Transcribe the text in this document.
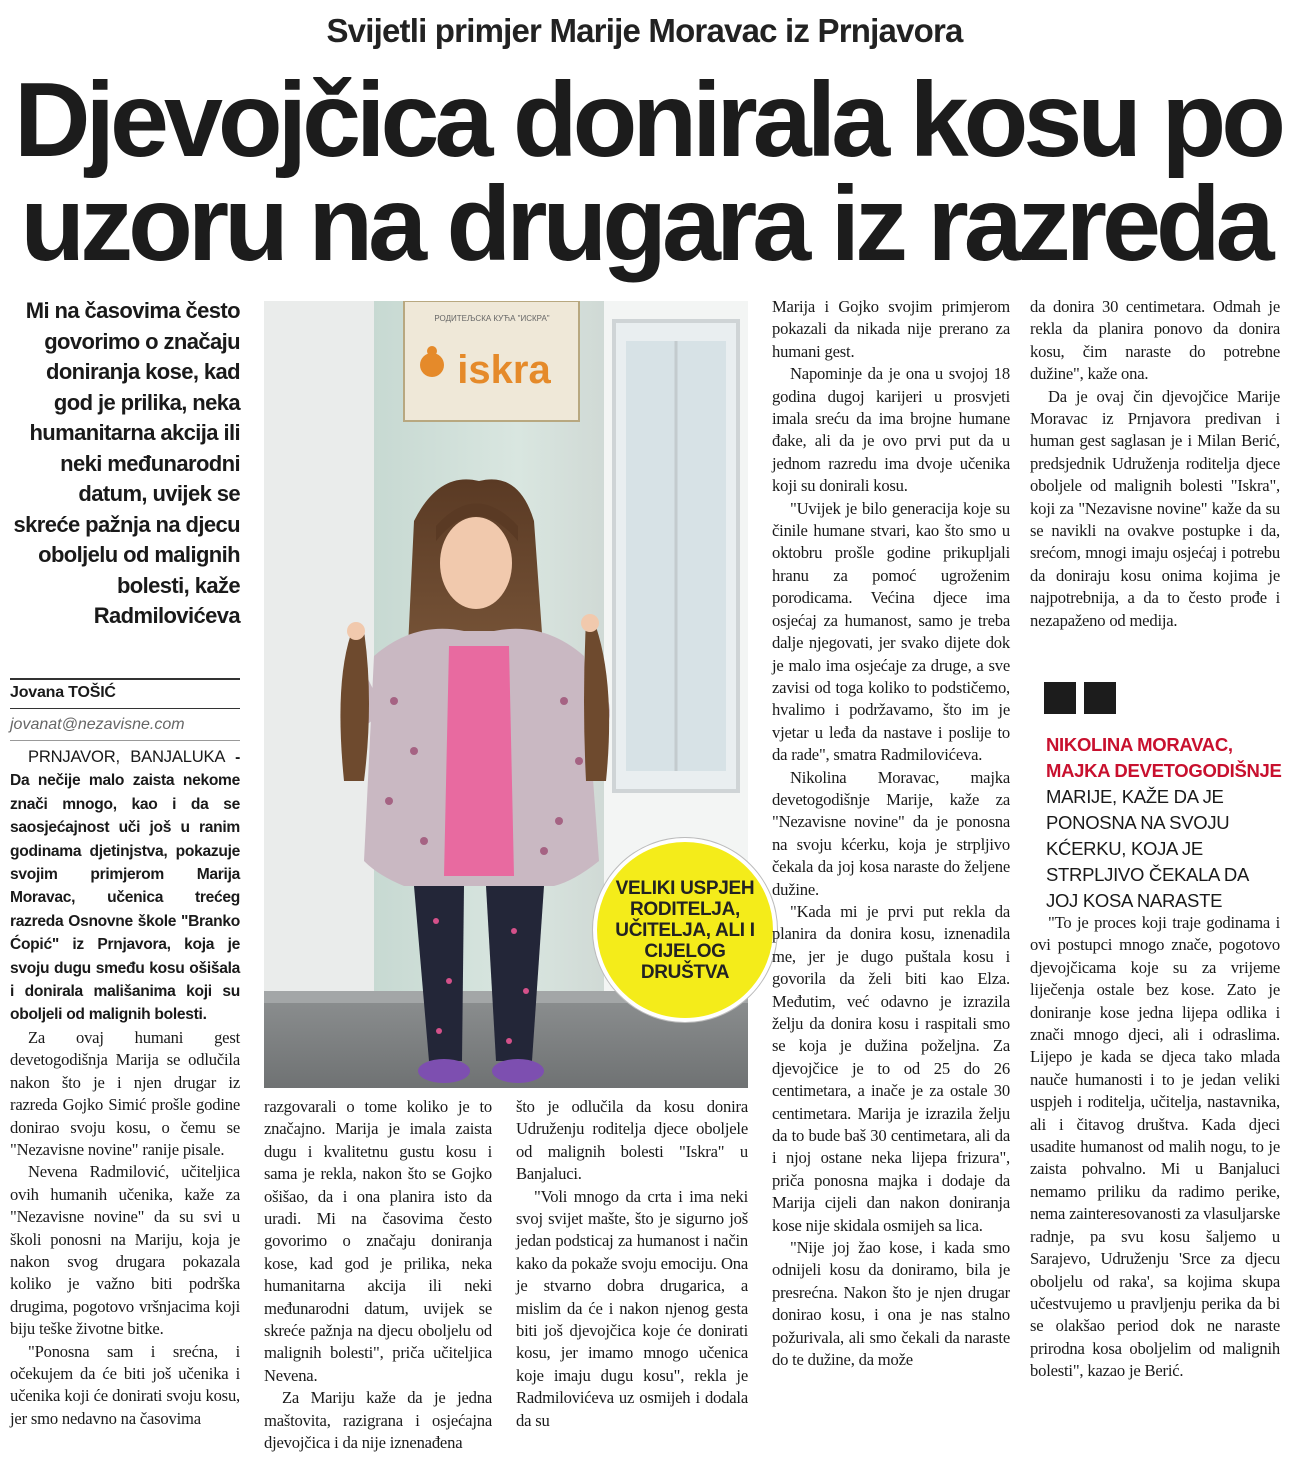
Svijetli primjer Marije Moravac iz Prnjavora
Djevojčica donirala kosu po
uzoru na drugara iz razreda
Mi na časovima često govorimo o značaju doniranja kose, kad god je prilika, neka humanitarna akcija ili neki međunarodni datum, uvijek se skreće pažnja na djecu oboljelu od malignih bolesti, kaže Radmilovićeva
Jovana TOŠIĆ
jovanat@nezavisne.com

PRNJAVOR, BANJALUKA - Da nečije malo zaista nekome znači mnogo, kao i da se saosjećajnost uči još u ranim godinama djetinjstva, pokazuje svojim primjerom Marija Moravac, učenica trećeg razreda Osnovne škole "Branko Ćopić" iz Prnjavora, koja je svoju dugu smeđu kosu ošišala i donirala mališanima koji su oboljeli od malignih bolesti.

Za ovaj humani gest devetogodišnja Marija se odlučila nakon što je i njen drugar iz razreda Gojko Simić prošle godine donirao svoju kosu, o čemu se "Nezavisne novine" ranije pisale.

Nevena Radmilović, učiteljica ovih humanih učenika, kaže za "Nezavisne novine" da su svi u školi ponosni na Mariju, koja je nakon svog drugara pokazala koliko je važno biti podrška drugima, pogotovo vršnjacima koji biju teške životne bitke.

"Ponosna sam i srećna, i očekujem da će biti još učenika i učenika koji će donirati svoju kosu, jer smo nedavno na časovima

РОДИТЕЉСКА КУЋА "ИСКРА"
iskra
VELIKI USPJEH RODITELJA, UČITELJA, ALI I CIJELOG DRUŠTVA

razgovarali o tome koliko je to značajno. Marija je imala zaista dugu i kvalitetnu gustu kosu i sama je rekla, nakon što se Gojko ošišao, da i ona planira isto da uradi. Mi na časovima često govorimo o značaju doniranja kose, kad god je prilika, neka humanitarna akcija ili neki međunarodni datum, uvijek se skreće pažnja na djecu oboljelu od malignih bolesti", priča učiteljica Nevena.

Za Mariju kaže da je jedna maštovita, razigrana i osjećajna djevojčica i da nije iznenađena

što je odlučila da kosu donira Udruženju roditelja djece oboljele od malignih bolesti "Iskra" u Banjaluci.

"Voli mnogo da crta i ima neki svoj svijet mašte, što je sigurno još jedan podsticaj za humanost i način kako da pokaže svoju emociju. Ona je stvarno dobra drugarica, a mislim da će i nakon njenog gesta biti još djevojčica koje će donirati kosu, jer imamo mnogo učenica koje imaju dugu kosu", rekla je Radmilovićeva uz osmijeh i dodala da su

Marija i Gojko svojim primjerom pokazali da nikada nije prerano za humani gest.

Napominje da je ona u svojoj 18 godina dugoj karijeri u prosvjeti imala sreću da ima brojne humane đake, ali da je ovo prvi put da u jednom razredu ima dvoje učenika koji su donirali kosu.

"Uvijek je bilo generacija koje su činile humane stvari, kao što smo u oktobru prošle godine prikupljali hranu za pomoć ugroženim porodicama. Većina djece ima osjećaj za humanost, samo je treba dalje njegovati, jer svako dijete dok je malo ima osjećaje za druge, a sve zavisi od toga koliko to podstičemo, hvalimo i podržavamo, što im je vjetar u leđa da nastave i poslije to da rade", smatra Radmilovićeva.

Nikolina Moravac, majka devetogodišnje Marije, kaže za "Nezavisne novine" da je ponosna na svoju kćerku, koja je strpljivo čekala da joj kosa naraste do željene dužine.

"Kada mi je prvi put rekla da planira da donira kosu, iznenadila me, jer je dugo puštala kosu i govorila da želi biti kao Elza. Međutim, već odavno je izrazila želju da donira kosu i raspitali smo se koja je dužina poželjna. Za djevojčice je to od 25 do 26 centimetara, a inače je za ostale 30 centimetara. Marija je izrazila želju da to bude baš 30 centimetara, ali da i njoj ostane neka lijepa frizura", priča ponosna majka i dodaje da Marija cijeli dan nakon doniranja kose nije skidala osmijeh sa lica.

"Nije joj žao kose, i kada smo odnijeli kosu da doniramo, bila je presrećna. Nakon što je njen drugar donirao kosu, i ona je nas stalno požurivala, ali smo čekali da naraste do te dužine, da može

da donira 30 centimetara. Odmah je rekla da planira ponovo da donira kosu, čim naraste do potrebne dužine", kaže ona.

Da je ovaj čin djevojčice Marije Moravac iz Prnjavora predivan i human gest saglasan je i Milan Berić, predsjednik Udruženja roditelja djece oboljele od malignih bolesti "Iskra", koji za "Nezavisne novine" kaže da su se navikli na ovakve postupke i da, srećom, mnogi imaju osjećaj i potrebu da doniraju kosu onima kojima je najpotrebnija, a da to često prođe i nezapaženo od medija.

NIKOLINA MORAVAC,
MAJKA DEVETOGODIŠNJE
MARIJE, KAŽE DA JE PONOSNA NA SVOJU KĆERKU, KOJA JE STRPLJIVO ČEKALA DA JOJ KOSA NARASTE

"To je proces koji traje godinama i ovi postupci mnogo znače, pogotovo djevojčicama koje su za vrijeme liječenja ostale bez kose. Zato je doniranje kose jedna lijepa odlika i znači mnogo djeci, ali i odraslima. Lijepo je kada se djeca tako mlada nauče humanosti i to je jedan veliki uspjeh i roditelja, učitelja, nastavnika, ali i čitavog društva. Kada djeci usadite humanost od malih nogu, to je zaista pohvalno. Mi u Banjaluci nemamo priliku da radimo perike, nema zainteresovanosti za vlasuljarske radnje, pa svu kosu šaljemo u Sarajevo, Udruženju 'Srce za djecu oboljelu od raka', sa kojima skupa učestvujemo u pravljenju perika da bi se olakšao period dok ne naraste prirodna kosa oboljelim od malignih bolesti", kazao je Berić.
